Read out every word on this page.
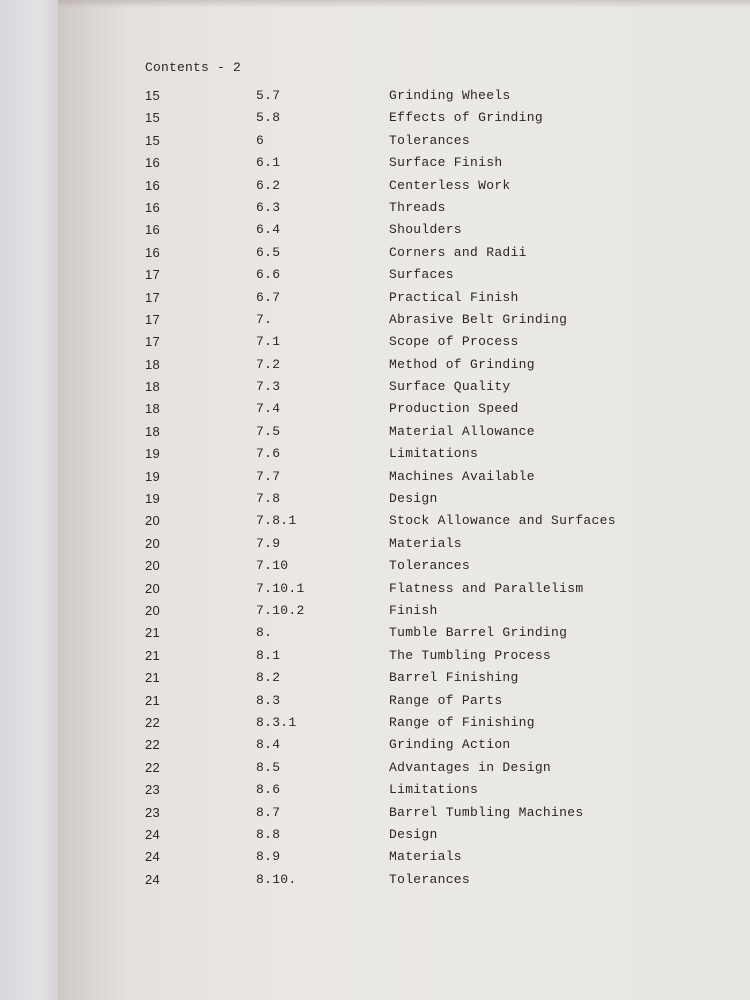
Contents - 2
15	5.7	Grinding Wheels
15	5.8	Effects of Grinding
15	6	Tolerances
16	6.1	Surface Finish
16	6.2	Centerless Work
16	6.3	Threads
16	6.4	Shoulders
16	6.5	Corners and Radii
17	6.6	Surfaces
17	6.7	Practical Finish
17	7.	Abrasive Belt Grinding
17	7.1	Scope of Process
18	7.2	Method of Grinding
18	7.3	Surface Quality
18	7.4	Production Speed
18	7.5	Material Allowance
19	7.6	Limitations
19	7.7	Machines Available
19	7.8	Design
20	7.8.1	Stock Allowance and Surfaces
20	7.9	Materials
20	7.10	Tolerances
20	7.10.1	Flatness and Parallelism
20	7.10.2	Finish
21	8.	Tumble Barrel Grinding
21	8.1	The Tumbling Process
21	8.2	Barrel Finishing
21	8.3	Range of Parts
22	8.3.1	Range of Finishing
22	8.4	Grinding Action
22	8.5	Advantages in Design
23	8.6	Limitations
23	8.7	Barrel Tumbling Machines
24	8.8	Design
24	8.9	Materials
24	8.10.	Tolerances
